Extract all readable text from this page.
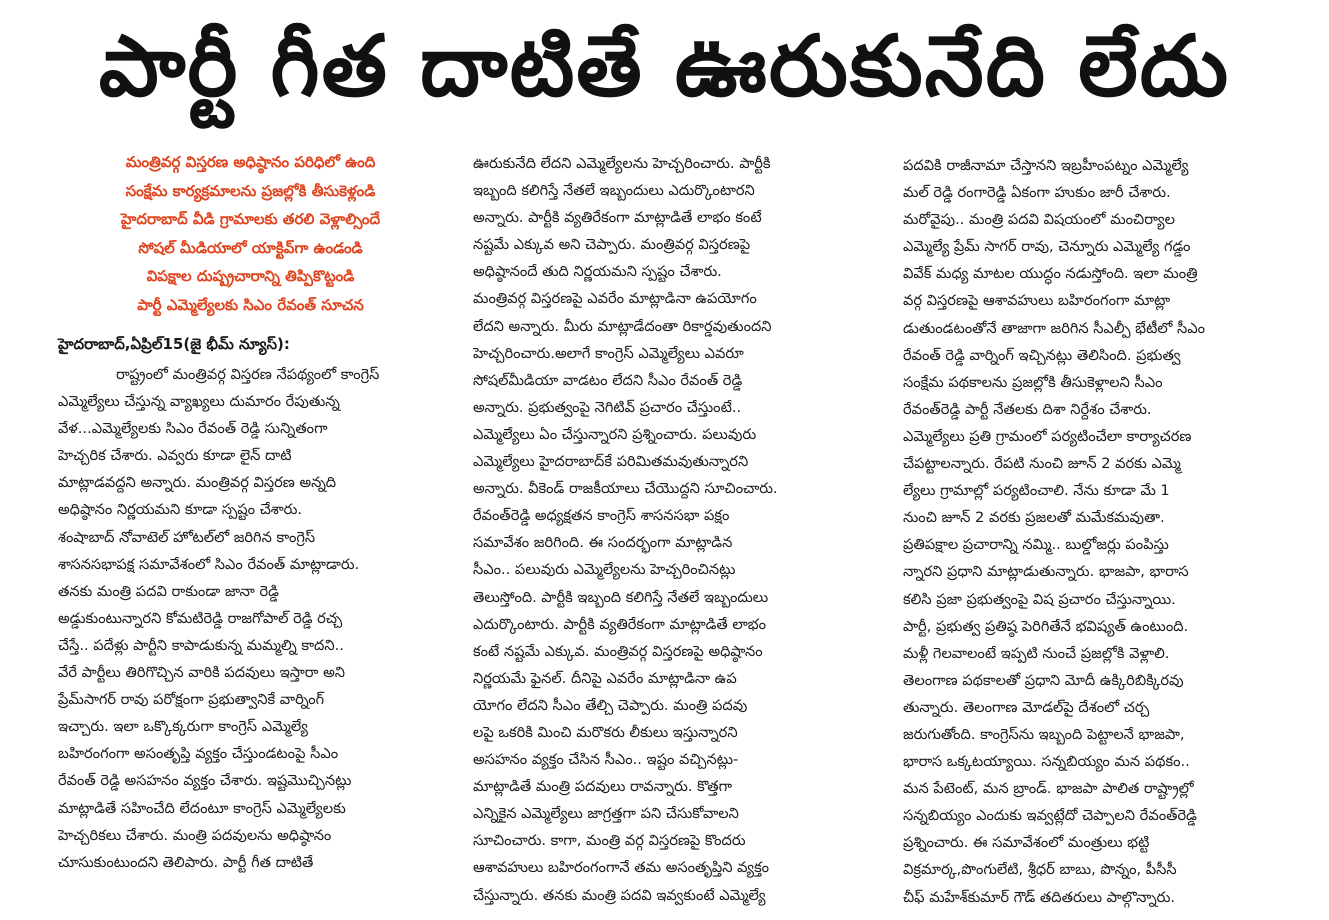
పార్టీ గీత దాటితే ఊరుకునేది లేదు
మంత్రివర్గ విస్తరణ అధిష్ఠానం పరిధిలో ఉంది
సంక్షేమ కార్యక్రమాలను ప్రజల్లోకి తీసుకెళ్లండి
హైదరాబాద్ వీడి గ్రామాలకు తరలి వెళ్లాల్సిందే
సోషల్ మీడియాలో యాక్టివ్‌గా ఉండండి
విపక్షాల దుష్ప్రచారాన్ని తిప్పికొట్టండి
పార్టీ ఎమ్మెల్యేలకు సిఎం రేవంత్ సూచన
హైదరాబాద్,ఏప్రిల్15(జై భీమ్ న్యూస్):
రాష్ట్రంలో మంత్రివర్గ విస్తరణ నేపథ్యంలో కాంగ్రెస్
ఎమ్మెల్యేలు చేస్తున్న వ్యాఖ్యలు దుమారం రేపుతున్న
వేళ...ఎమ్మెల్యేలకు సిఎం రేవంత్ రెడ్డి సున్నితంగా
హెచ్చరిక చేశారు. ఎవ్వరు కూడా లైన్ దాటి
మాట్లాడవద్దని అన్నారు. మంత్రివర్గ విస్తరణ అన్నది
అధిష్ఠానం నిర్ణయమని కూడా స్పష్టం చేశారు.
శంషాబాద్ నోవాటెల్ హోటల్‌లో జరిగిన కాంగ్రెస్
శాసనసభాపక్ష సమావేశంలో సిఎం రేవంత్ మాట్లాడారు.
తనకు మంత్రి పదవి రాకుండా జానా రెడ్డి
అడ్డుకుంటున్నారని కోమటిరెడ్డి రాజగోపాల్ రెడ్డి రచ్చ
చేస్తే.. పదేళ్లు పార్టీని కాపాడుకున్న మమ్మల్ని కాదని..
వేరే పార్టీలు తిరిగొచ్చిన వారికి పదవులు ఇస్తారా అని
ప్రేమ్‌సాగర్ రావు పరోక్షంగా ప్రభుత్వానికే వార్నింగ్
ఇచ్చారు. ఇలా ఒక్కొక్కరుగా కాంగ్రెస్ ఎమ్మెల్యే
బహిరంగంగా అసంతృప్తి వ్యక్తం చేస్తుండటంపై సీఎం
రేవంత్ రెడ్డి అసహనం వ్యక్తం చేశారు. ఇష్టమొచ్చినట్లు
మాట్లాడితే సహించేది లేదంటూ కాంగ్రెస్ ఎమ్మెల్యేలకు
హెచ్చరికలు చేశారు. మంత్రి పదవులను అధిష్ఠానం
చూసుకుంటుందని తెలిపారు. పార్టీ గీత దాటితే
ఊరుకునేది లేదని ఎమ్మెల్యేలను హెచ్చరించారు. పార్టీకి
ఇబ్బంది కలిగిస్తే నేతలే ఇబ్బందులు ఎదుర్కొంటారని
అన్నారు. పార్టీకి వ్యతిరేకంగా మాట్లాడితే లాభం కంటే
నష్టమే ఎక్కువ అని చెప్పారు. మంత్రివర్గ విస్తరణపై
అధిష్ఠానందే తుది నిర్ణయమని స్పష్టం చేశారు.
మంత్రివర్గ విస్తరణపై ఎవరేం మాట్లాడినా ఉపయోగం
లేదని అన్నారు. మీరు మాట్లాడేదంతా రికార్డవుతుందని
హెచ్చరించారు.అలాగే కాంగ్రెస్ ఎమ్మెల్యేలు ఎవరూ
సోషల్‌మీడియా వాడటం లేదని సీఎం రేవంత్ రెడ్డి
అన్నారు. ప్రభుత్వంపై నెగిటివ్ ప్రచారం చేస్తుంటే..
ఎమ్మెల్యేలు ఏం చేస్తున్నారని ప్రశ్నించారు. పలువురు
ఎమ్మెల్యేలు హైదరాబాద్‌కే పరిమితమవుతున్నారని
అన్నారు. వీకెండ్ రాజకీయాలు చేయొద్దని సూచించారు.
రేవంత్‌రెడ్డి అధ్యక్షతన కాంగ్రెస్ శాసనసభా పక్షం
సమావేశం జరిగింది. ఈ సందర్భంగా మాట్లాడిన
సీఎం.. పలువురు ఎమ్మెల్యేలను హెచ్చరించినట్లు
తెలుస్తోంది. పార్టీకి ఇబ్బంది కలిగిస్తే నేతలే ఇబ్బందులు
ఎదుర్కొంటారు. పార్టీకి వ్యతిరేకంగా మాట్లాడితే లాభం
కంటే నష్టమే ఎక్కువ. మంత్రివర్గ విస్తరణపై అధిష్ఠానం
నిర్ణయమే ఫైనల్. దీనిపై ఎవరేం మాట్లాడినా ఉప
యోగం లేదని సీఎం తేల్చి చెప్పారు. మంత్రి పదవు
లపై ఒకరికి మించి మరొకరు లీకులు ఇస్తున్నారని
అసహనం వ్యక్తం చేసిన సీఎం.. ఇష్టం వచ్చినట్లు-
మాట్లాడితే మంత్రి పదవులు రావన్నారు. కొత్తగా
ఎన్నికైన ఎమ్మెల్యేలు జాగ్రత్తగా పని చేసుకోవాలని
సూచించారు. కాగా, మంత్రి వర్గ విస్తరణపై కొందరు
ఆశావహులు బహిరంగంగానే తమ అసంతృప్తిని వ్యక్తం
చేస్తున్నారు. తనకు మంత్రి పదవి ఇవ్వకుంటే ఎమ్మెల్యే
పదవికి రాజీనామా చేస్తానని ఇబ్రహీంపట్నం ఎమ్మెల్యే
మల్ రెడ్డి రంగారెడ్డి ఏకంగా హుకుం జారీ చేశారు.
మరోవైపు.. మంత్రి పదవి విషయంలో మంచిర్యాల
ఎమ్మెల్యే ప్రేమ్ సాగర్ రావు, చెన్నూరు ఎమ్మెల్యే గడ్డం
వివేక్ మధ్య మాటల యుద్ధం నడుస్తోంది. ఇలా మంత్రి
వర్గ విస్తరణపై ఆశావహులు బహిరంగంగా మాట్లా
డుతుండటంతోనే తాజాగా జరిగిన సీఎల్పీ భేటీలో సీఎం
రేవంత్ రెడ్డి వార్నింగ్ ఇచ్చినట్లు తెలిసింది. ప్రభుత్వ
సంక్షేమ పథకాలను ప్రజల్లోకి తీసుకెళ్లాలని సీఎం
రేవంత్‌రెడ్డి పార్టీ నేతలకు దిశా నిర్దేశం చేశారు.
ఎమ్మెల్యేలు ప్రతి గ్రామంలో పర్యటించేలా కార్యాచరణ
చేపట్టాలన్నారు. రేపటి నుంచి జూన్ 2 వరకు ఎమ్మె
ల్యేలు గ్రామాల్లో పర్యటించాలి. నేను కూడా మే 1
నుంచి జూన్ 2 వరకు ప్రజలతో మమేకమవుతా.
ప్రతిపక్షాల ప్రచారాన్ని నమ్మి.. బుల్డోజర్లు పంపిస్తు
న్నారని ప్రధాని మాట్లాడుతున్నారు. భాజపా, భారాస
కలిసి ప్రజా ప్రభుత్వంపై విష ప్రచారం చేస్తున్నాయి.
పార్టీ, ప్రభుత్వ ప్రతిష్ఠ పెరిగితేనే భవిష్యత్ ఉంటుంది.
మళ్లీ గెలవాలంటే ఇప్పటి నుంచే ప్రజల్లోకి వెళ్లాలి.
తెలంగాణ పథకాలతో ప్రధాని మోదీ ఉక్కిరిబిక్కిరవు
తున్నారు. తెలంగాణ మోడల్‌పై దేశంలో చర్చ
జరుగుతోంది. కాంగ్రెస్‌ను ఇబ్బంది పెట్టాలనే భాజపా,
భారాస ఒక్కటయ్యాయి. సన్నబియ్యం మన పథకం..
మన పేటెంట్, మన బ్రాండ్. భాజపా పాలిత రాష్ట్రాల్లో
సన్నబియ్యం ఎందుకు ఇవ్వట్లేదో చెప్పాలని రేవంత్‌రెడ్డి
ప్రశ్నించారు. ఈ సమావేశంలో మంత్రులు భట్టి
విక్రమార్క,పొంగులేటి, శ్రీధర్ బాబు, పొన్నం, పీసీసీ
చీఫ్ మహేశ్‌కుమార్ గౌడ్ తదితరులు పాల్గొన్నారు.
